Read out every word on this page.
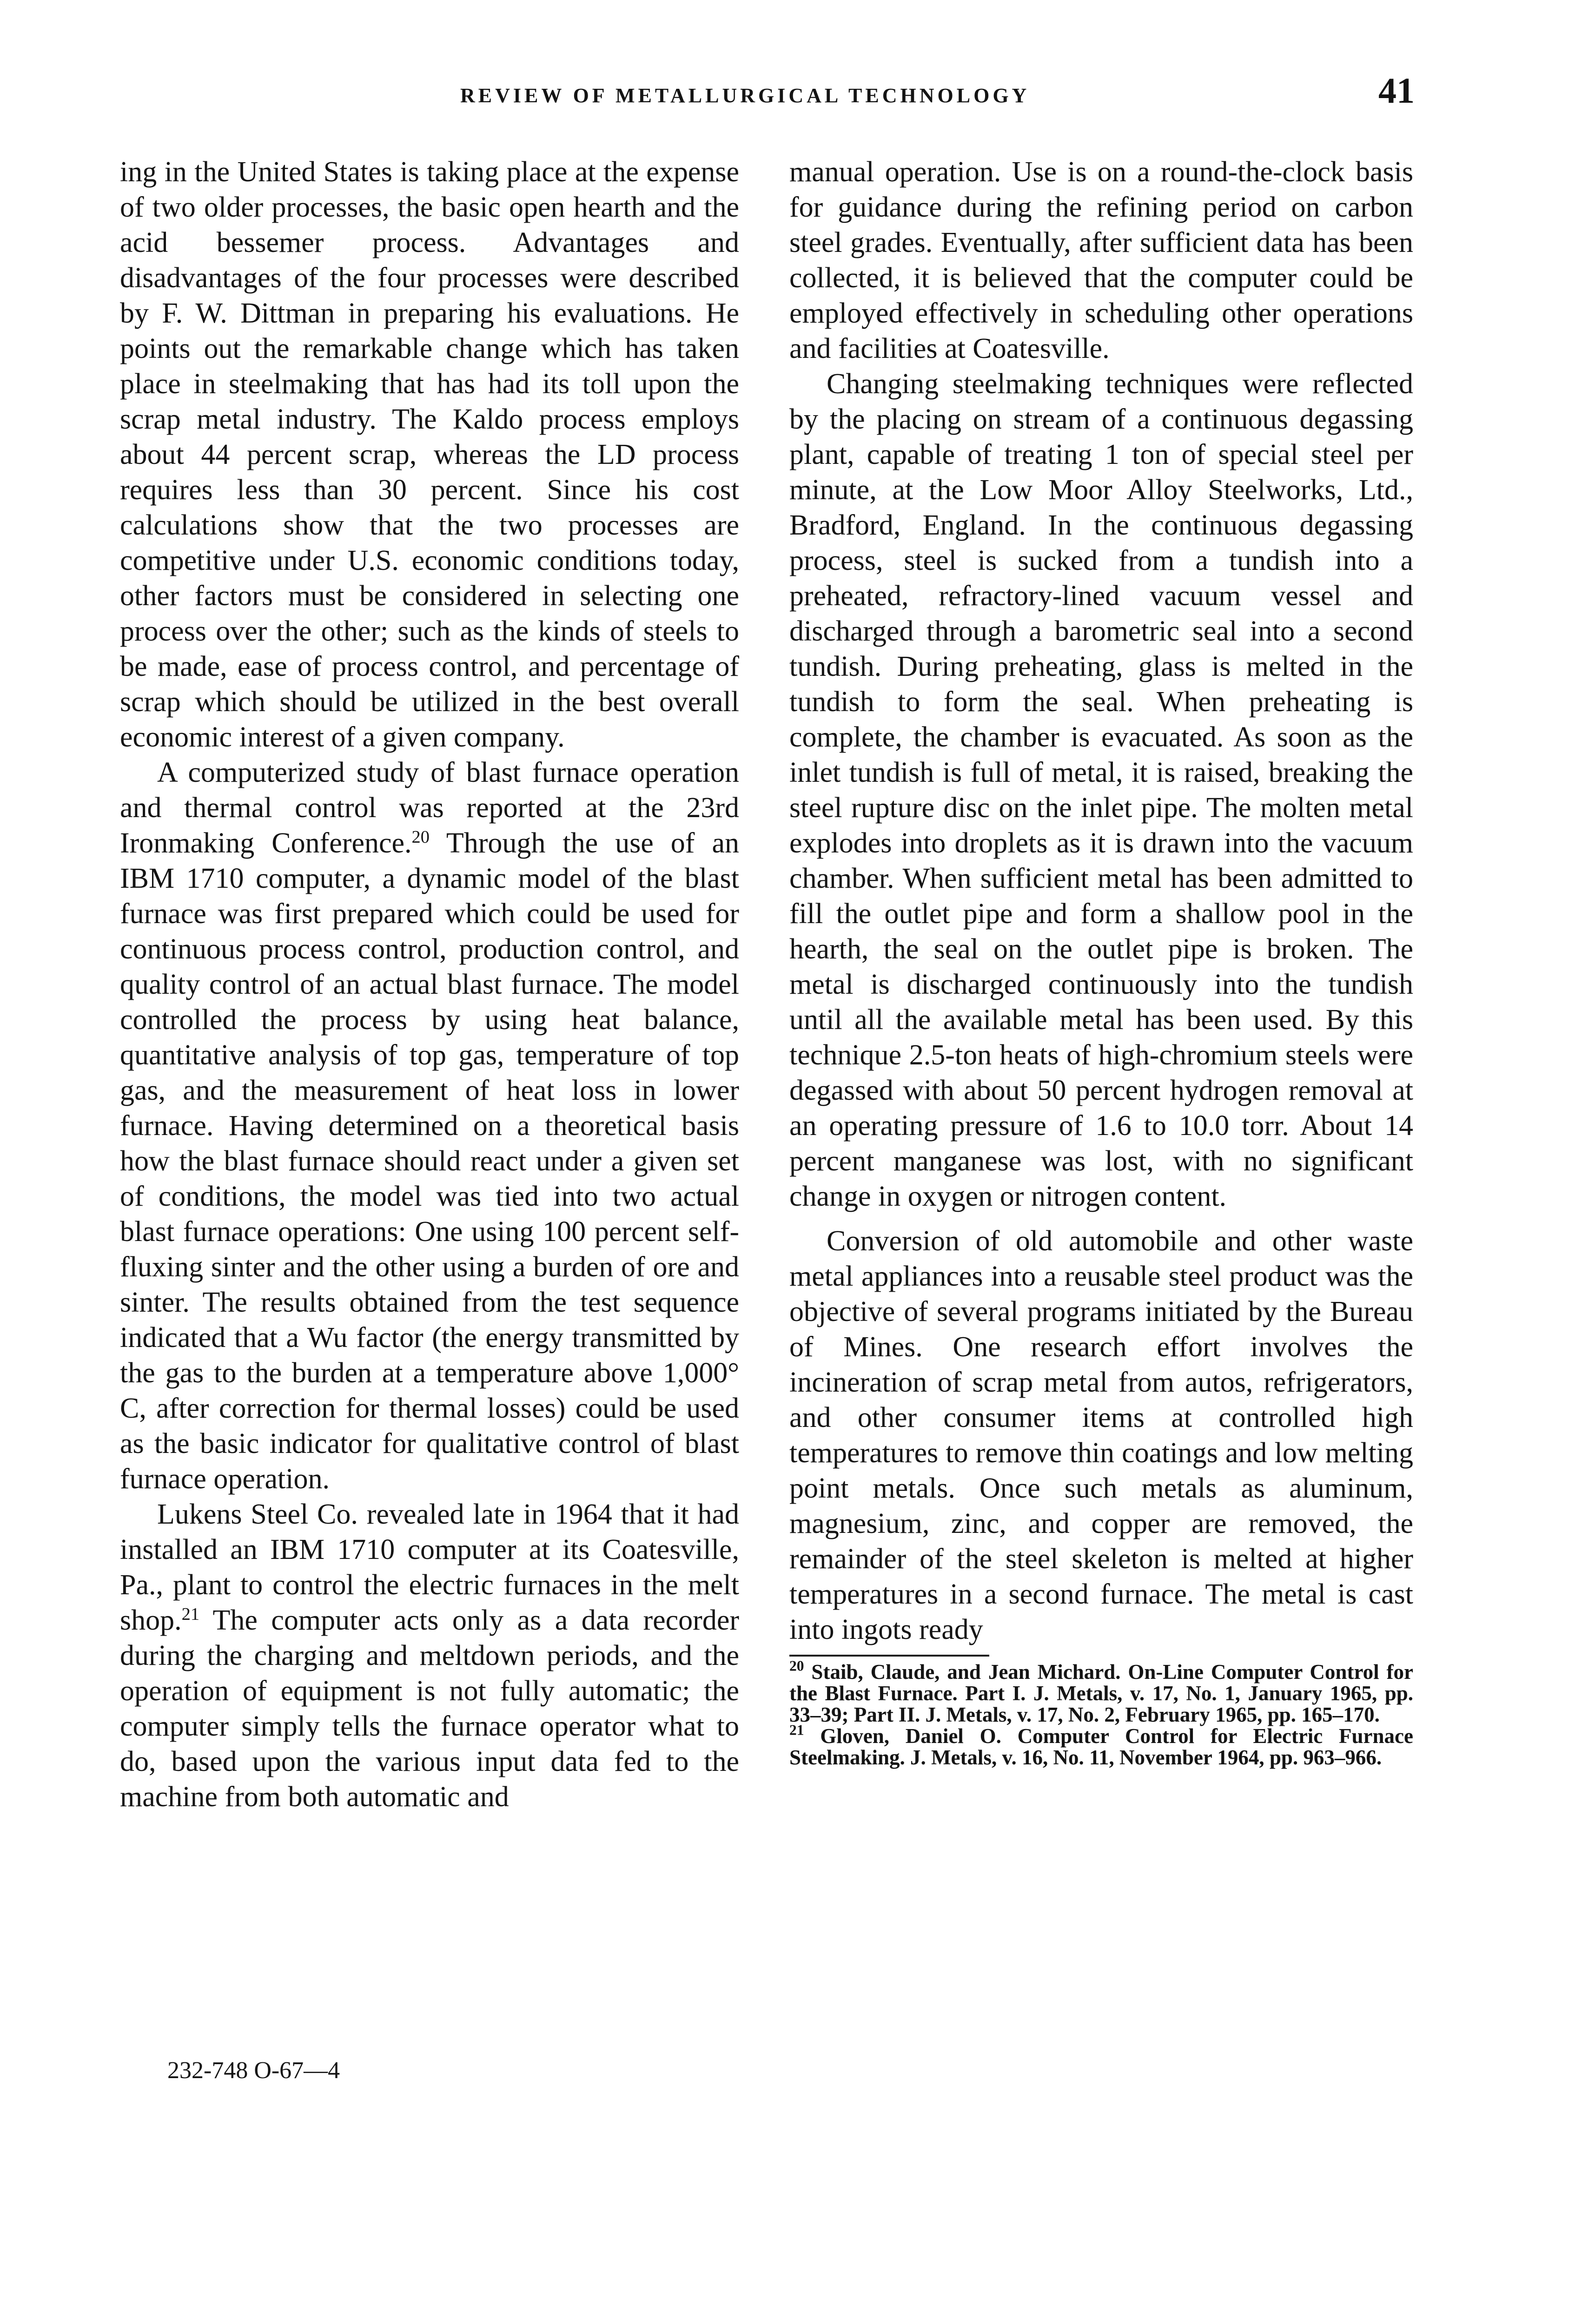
REVIEW OF METALLURGICAL TECHNOLOGY	41

ing in the United States is taking place at the expense of two older processes, the basic open hearth and the acid bessemer process. Advantages and disadvantages of the four processes were described by F. W. Dittman in preparing his evaluations. He points out the remarkable change which has taken place in steelmaking that has had its toll upon the scrap metal industry. The Kaldo process employs about 44 percent scrap, whereas the LD process requires less than 30 percent. Since his cost calculations show that the two processes are competitive under U.S. economic conditions today, other factors must be considered in selecting one process over the other; such as the kinds of steels to be made, ease of process control, and percentage of scrap which should be utilized in the best overall economic interest of a given company.

A computerized study of blast furnace operation and thermal control was reported at the 23rd Ironmaking Conference.$^{20}$ Through the use of an IBM 1710 computer, a dynamic model of the blast furnace was first prepared which could be used for continuous process control, production control, and quality control of an actual blast furnace. The model controlled the process by using heat balance, quantitative analysis of top gas, temperature of top gas, and the measurement of heat loss in lower furnace. Having determined on a theoretical basis how the blast furnace should react under a given set of conditions, the model was tied into two actual blast furnace operations: One using 100 percent self-fluxing sinter and the other using a burden of ore and sinter. The results obtained from the test sequence indicated that a Wu factor (the energy transmitted by the gas to the burden at a temperature above 1,000° C, after correction for thermal losses) could be used as the basic indicator for qualitative control of blast furnace operation.

Lukens Steel Co. revealed late in 1964 that it had installed an IBM 1710 computer at its Coatesville, Pa., plant to control the electric furnaces in the melt shop.$^{21}$ The computer acts only as a data recorder during the charging and meltdown periods, and the operation of equipment is not fully automatic; the computer simply tells the furnace operator what to do, based upon the various input data fed to the machine from both automatic and

manual operation. Use is on a round-the-clock basis for guidance during the refining period on carbon steel grades. Eventually, after sufficient data has been collected, it is believed that the computer could be employed effectively in scheduling other operations and facilities at Coatesville.

Changing steelmaking techniques were reflected by the placing on stream of a continuous degassing plant, capable of treating 1 ton of special steel per minute, at the Low Moor Alloy Steelworks, Ltd., Bradford, England. In the continuous degassing process, steel is sucked from a tundish into a preheated, refractory-lined vacuum vessel and discharged through a barometric seal into a second tundish. During preheating, glass is melted in the tundish to form the seal. When preheating is complete, the chamber is evacuated. As soon as the inlet tundish is full of metal, it is raised, breaking the steel rupture disc on the inlet pipe. The molten metal explodes into droplets as it is drawn into the vacuum chamber. When sufficient metal has been admitted to fill the outlet pipe and form a shallow pool in the hearth, the seal on the outlet pipe is broken. The metal is discharged continuously into the tundish until all the available metal has been used. By this technique 2.5-ton heats of high-chromium steels were degassed with about 50 percent hydrogen removal at an operating pressure of 1.6 to 10.0 torr. About 14 percent manganese was lost, with no significant change in oxygen or nitrogen content.

Conversion of old automobile and other waste metal appliances into a reusable steel product was the objective of several programs initiated by the Bureau of Mines. One research effort involves the incineration of scrap metal from autos, refrigerators, and other consumer items at controlled high temperatures to remove thin coatings and low melting point metals. Once such metals as aluminum, magnesium, zinc, and copper are removed, the remainder of the steel skeleton is melted at higher temperatures in a second furnace. The metal is cast into ingots ready

$^{20}$ Staib, Claude, and Jean Michard. On-Line Computer Control for the Blast Furnace. Part I. J. Metals, v. 17, No. 1, January 1965, pp. 33–39; Part II. J. Metals, v. 17, No. 2, February 1965, pp. 165–170.

$^{21}$ Gloven, Daniel O. Computer Control for Electric Furnace Steelmaking. J. Metals, v. 16, No. 11, November 1964, pp. 963–966.

232-748 O-67—4
